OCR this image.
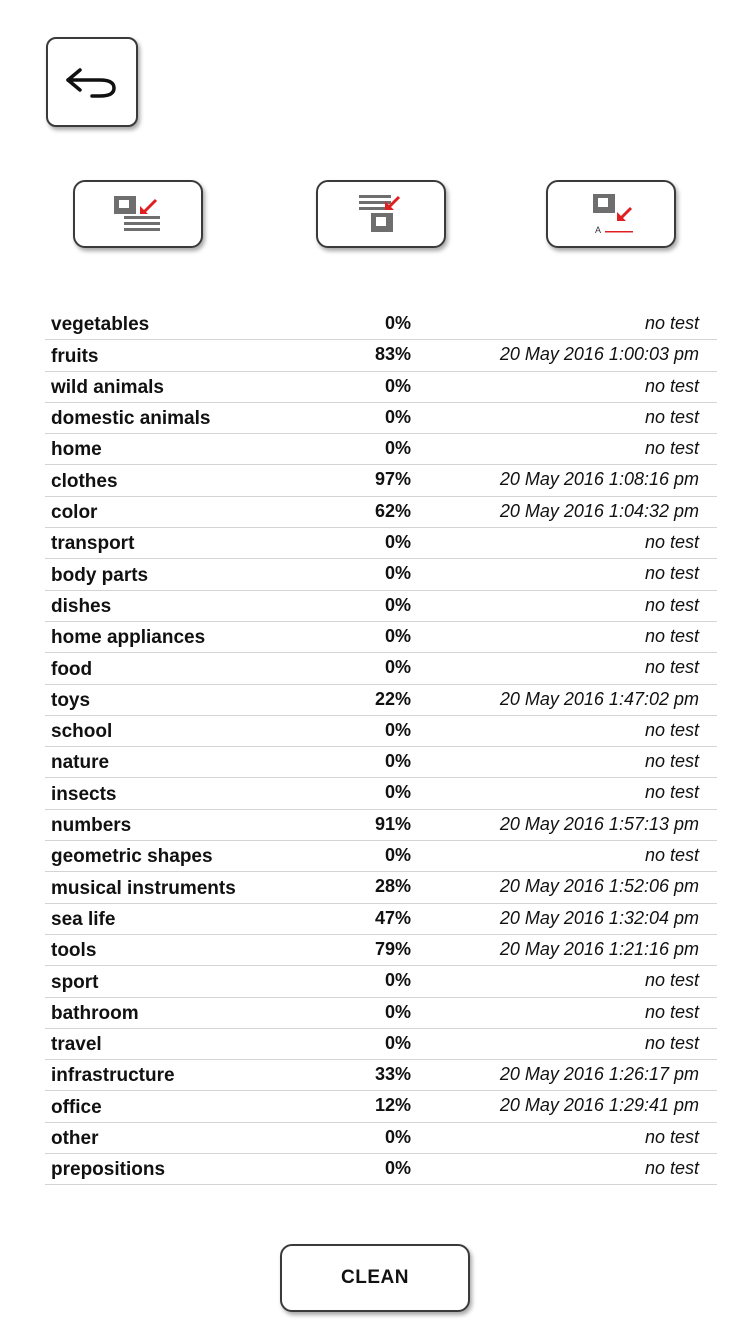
A
vegetables	0%	no test
fruits	83%	20 May 2016 1:00:03 pm
wild animals	0%	no test
domestic animals	0%	no test
home	0%	no test
clothes	97%	20 May 2016 1:08:16 pm
color	62%	20 May 2016 1:04:32 pm
transport	0%	no test
body parts	0%	no test
dishes	0%	no test
home appliances	0%	no test
food	0%	no test
toys	22%	20 May 2016 1:47:02 pm
school	0%	no test
nature	0%	no test
insects	0%	no test
numbers	91%	20 May 2016 1:57:13 pm
geometric shapes	0%	no test
musical instruments	28%	20 May 2016 1:52:06 pm
sea life	47%	20 May 2016 1:32:04 pm
tools	79%	20 May 2016 1:21:16 pm
sport	0%	no test
bathroom	0%	no test
travel	0%	no test
infrastructure	33%	20 May 2016 1:26:17 pm
office	12%	20 May 2016 1:29:41 pm
other	0%	no test
prepositions	0%	no test
CLEAN
